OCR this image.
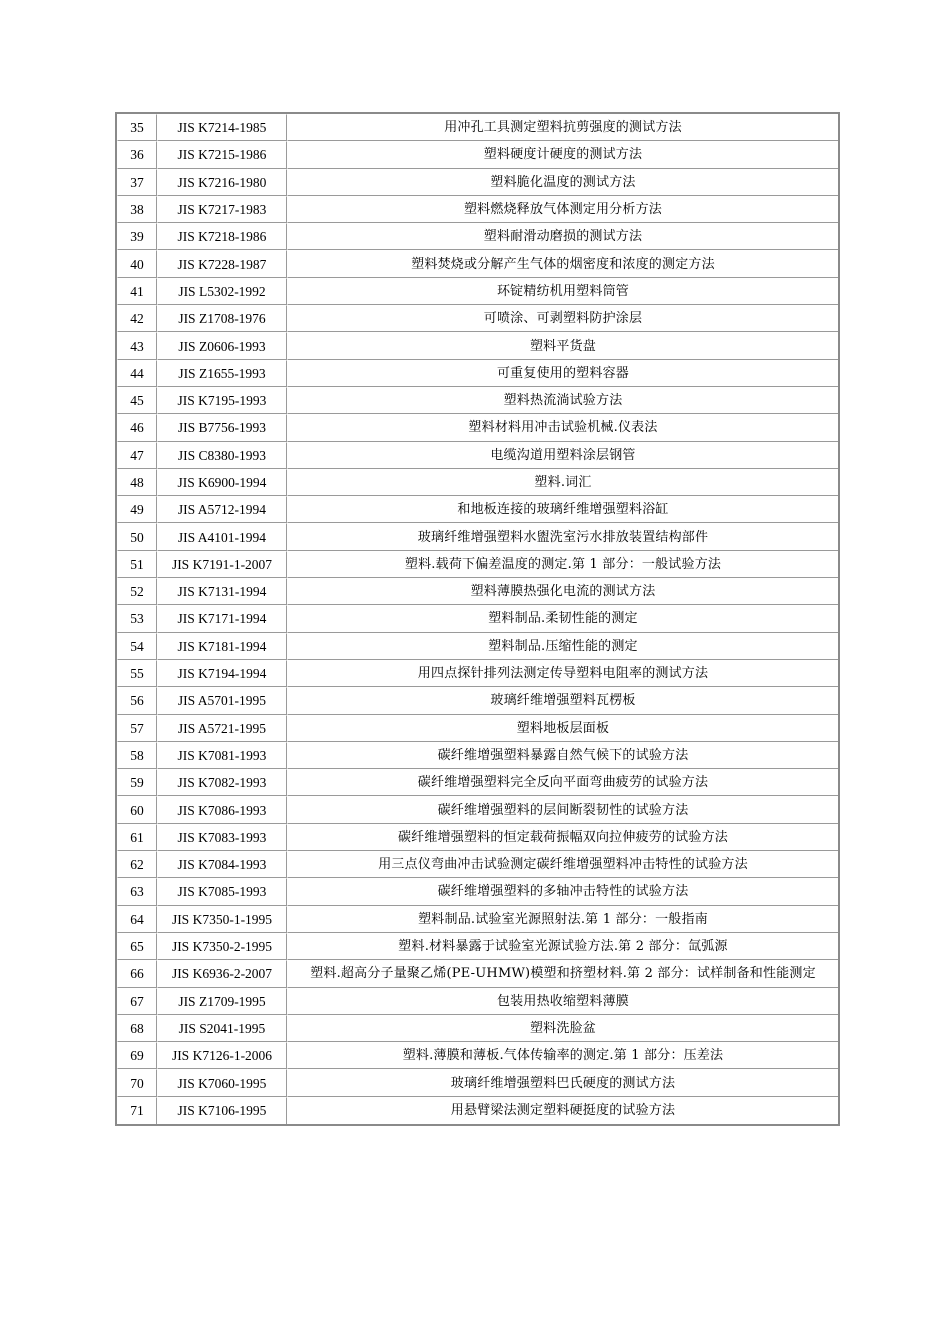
35	JIS K7214-1985	用冲孔工具测定塑料抗剪强度的测试方法
36	JIS K7215-1986	塑料硬度计硬度的测试方法
37	JIS K7216-1980	塑料脆化温度的测试方法
38	JIS K7217-1983	塑料燃烧释放气体测定用分析方法
39	JIS K7218-1986	塑料耐滑动磨损的测试方法
40	JIS K7228-1987	塑料焚烧或分解产生气体的烟密度和浓度的测定方法
41	JIS L5302-1992	环锭精纺机用塑料筒管
42	JIS Z1708-1976	可喷涂、可剥塑料防护涂层
43	JIS Z0606-1993	塑料平货盘
44	JIS Z1655-1993	可重复使用的塑料容器
45	JIS K7195-1993	塑料热流淌试验方法
46	JIS B7756-1993	塑料材料用冲击试验机械.仪表法
47	JIS C8380-1993	电缆沟道用塑料涂层钢管
48	JIS K6900-1994	塑料.词汇
49	JIS A5712-1994	和地板连接的玻璃纤维增强塑料浴缸
50	JIS A4101-1994	玻璃纤维增强塑料水盥洗室污水排放装置结构部件
51	JIS K7191-1-2007	塑料.载荷下偏差温度的测定.第 1 部分：一般试验方法
52	JIS K7131-1994	塑料薄膜热强化电流的测试方法
53	JIS K7171-1994	塑料制品.柔韧性能的测定
54	JIS K7181-1994	塑料制品.压缩性能的测定
55	JIS K7194-1994	用四点探针排列法测定传导塑料电阻率的测试方法
56	JIS A5701-1995	玻璃纤维增强塑料瓦楞板
57	JIS A5721-1995	塑料地板层面板
58	JIS K7081-1993	碳纤维增强塑料暴露自然气候下的试验方法
59	JIS K7082-1993	碳纤维增强塑料完全反向平面弯曲疲劳的试验方法
60	JIS K7086-1993	碳纤维增强塑料的层间断裂韧性的试验方法
61	JIS K7083-1993	碳纤维增强塑料的恒定载荷振幅双向拉伸疲劳的试验方法
62	JIS K7084-1993	用三点仪弯曲冲击试验测定碳纤维增强塑料冲击特性的试验方法
63	JIS K7085-1993	碳纤维增强塑料的多轴冲击特性的试验方法
64	JIS K7350-1-1995	塑料制品.试验室光源照射法.第 1 部分：一般指南
65	JIS K7350-2-1995	塑料.材料暴露于试验室光源试验方法.第 2 部分：氙弧源
66	JIS K6936-2-2007	塑料.超高分子量聚乙烯(PE-UHMW)模塑和挤塑材料.第 2 部分：试样制备和性能测定
67	JIS Z1709-1995	包装用热收缩塑料薄膜
68	JIS S2041-1995	塑料洗脸盆
69	JIS K7126-1-2006	塑料.薄膜和薄板.气体传输率的测定.第 1 部分：压差法
70	JIS K7060-1995	玻璃纤维增强塑料巴氏硬度的测试方法
71	JIS K7106-1995	用悬臂梁法测定塑料硬挺度的试验方法
